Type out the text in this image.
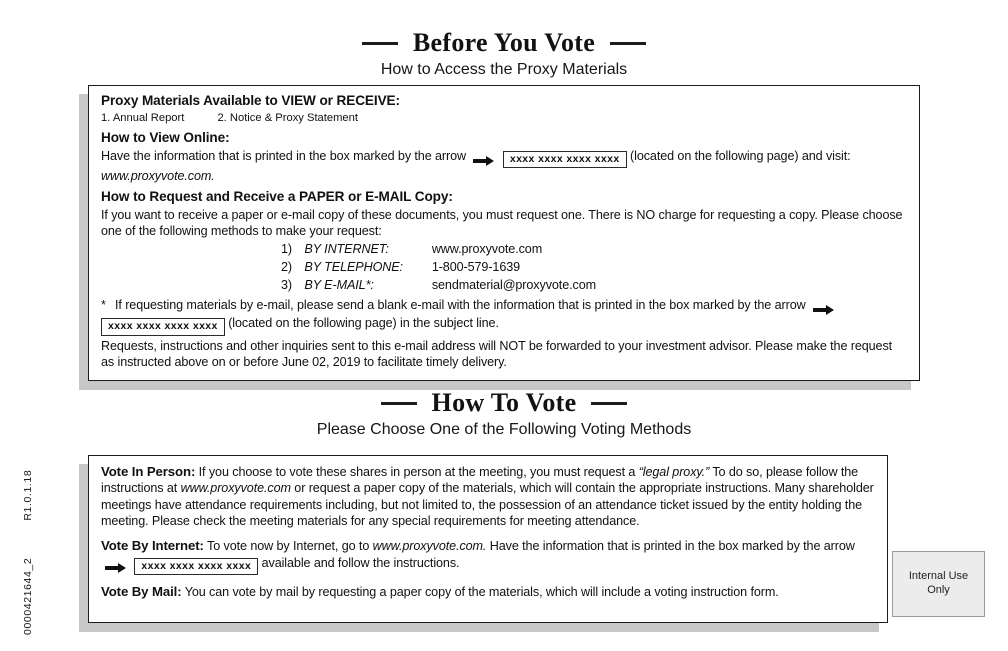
0000421644_2  R1.0.1.18
Before You Vote
How to Access the Proxy Materials
Proxy Materials Available to VIEW or RECEIVE:
1. Annual Report	2. Notice & Proxy Statement
How to View Online:

Have the information that is printed in the box marked by the arrow	xxxx xxxx xxxx xxxx (located on the following page) and visit: www.proxyvote.com.

How to Request and Receive a PAPER or E-MAIL Copy:

If you want to receive a paper or e-mail copy of these documents, you must request one. There is NO charge for requesting a copy. Please choose one of the following methods to make your request:

1) BY INTERNET:	www.proxyvote.com
2) BY TELEPHONE: 1-800-579-1639
3) BY E-MAIL*:	sendmaterial@proxyvote.com

* If requesting materials by e-mail, please send a blank e-mail with the information that is printed in the box marked by the arrow
xxxx xxxx xxxx xxxx (located on the following page) in the subject line.

Requests, instructions and other inquiries sent to this e-mail address will NOT be forwarded to your investment advisor. Please make the request as instructed above on or before June 02, 2019 to facilitate timely delivery.

How To Vote
Please Choose One of the Following Voting Methods

Vote In Person: If you choose to vote these shares in person at the meeting, you must request a “legal proxy.” To do so, please follow the instructions at www.proxyvote.com or request a paper copy of the materials, which will contain the appropriate instructions. Many shareholder meetings have attendance requirements including, but not limited to, the possession of an attendance ticket issued by the entity holding the meeting. Please check the meeting materials for any special requirements for meeting attendance.

Vote By Internet: To vote now by Internet, go to www.proxyvote.com. Have the information that is printed in the box marked by the arrow
xxxx xxxx xxxx xxxx available and follow the instructions.

Vote By Mail: You can vote by mail by requesting a paper copy of the materials, which will include a voting instruction form.

Internal Use Only
